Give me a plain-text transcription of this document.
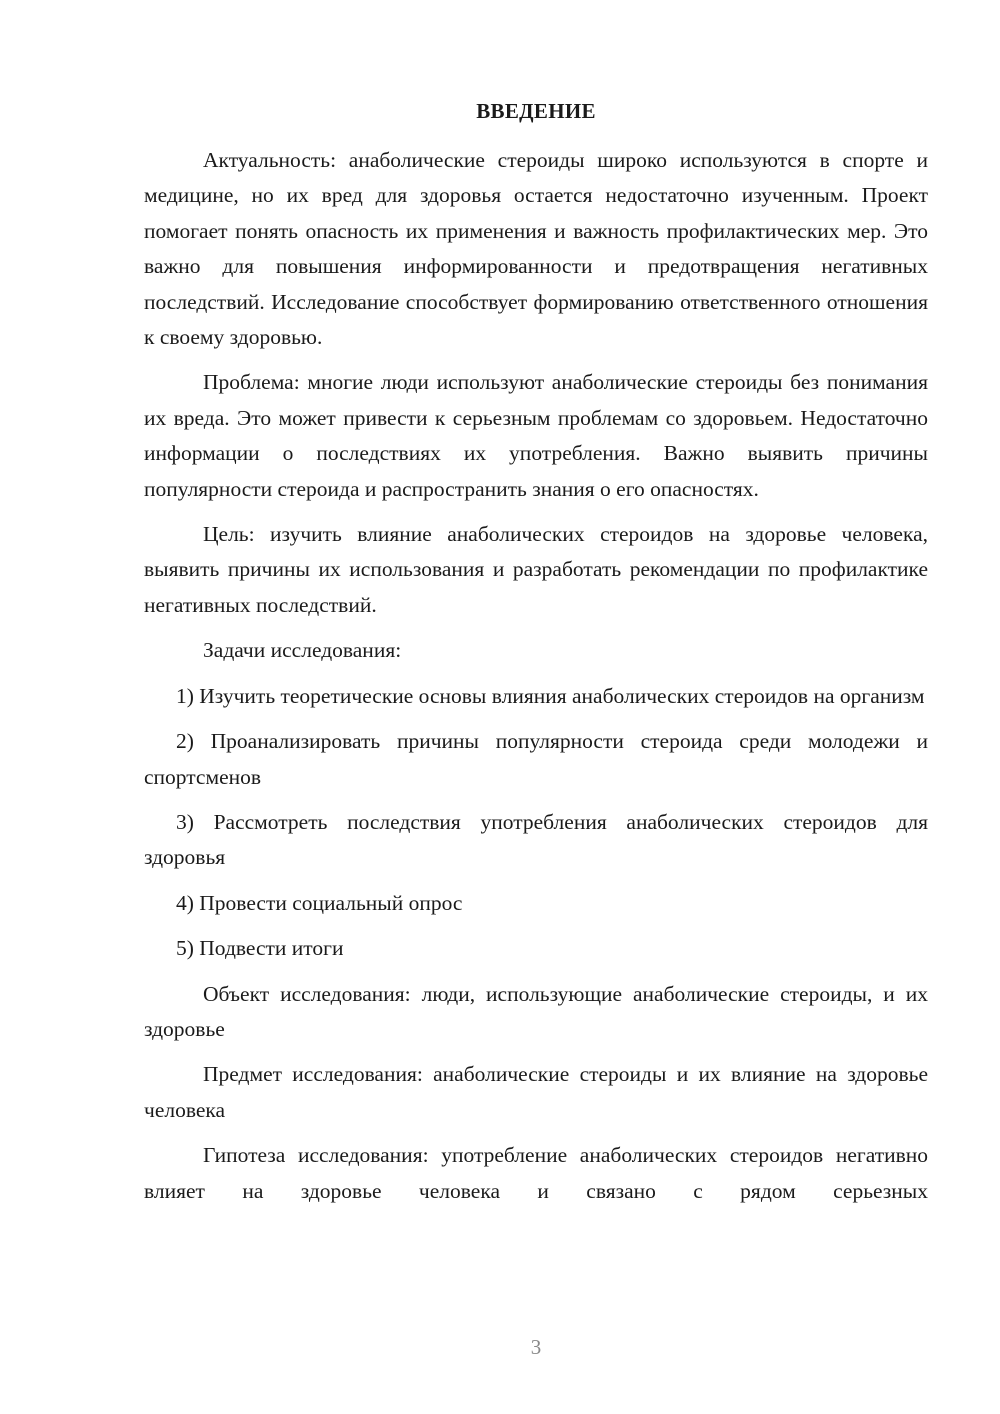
ВВЕДЕНИЕ

Актуальность: анаболические стероиды широко используются в спорте и медицине, но их вред для здоровья остается недостаточно изученным. Проект помогает понять опасность их применения и важность профилактических мер. Это важно для повышения информированности и предотвращения негативных последствий. Исследование способствует формированию ответственного отношения к своему здоровью.

Проблема: многие люди используют анаболические стероиды без понимания их вреда. Это может привести к серьезным проблемам со здоровьем. Недостаточно информации о последствиях их употребления. Важно выявить причины популярности стероида и распространить знания о его опасностях.

Цель: изучить влияние анаболических стероидов на здоровье человека, выявить причины их использования и разработать рекомендации по профилактике негативных последствий.

Задачи исследования:

1) Изучить теоретические основы влияния анаболических стероидов на организм

2) Проанализировать причины популярности стероида среди молодежи и спортсменов

3) Рассмотреть последствия употребления анаболических стероидов для здоровья

4) Провести социальный опрос

5) Подвести итоги

Объект исследования: люди, использующие анаболические стероиды, и их здоровье

Предмет исследования: анаболические стероиды и их влияние на здоровье человека

Гипотеза исследования: употребление анаболических стероидов негативно влияет на здоровье человека и связано с рядом серьезных

3
